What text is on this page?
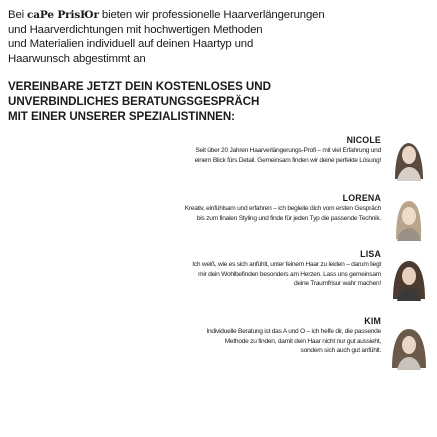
Bei caPe PrisЮr bieten wir professionelle Haarverlängerungen
und Haarverdichtungen mit hochwertigen Methoden
und Materialien individuell auf deinen Haartyp und
Haarwunsch abgestimmt an
VEREINBARE JETZT DEIN KOSTENLOSES UND
UNVERBINDLICHES BERATUNGSGESPRÄCH
MIT EINER UNSERER SPEZIALISTINNEN:
NICOLE
Seit über 20 Jahren Haarverlängerungs-Profi – mit viel Erfahrung und
einem Blick fürs Detail. Gemeinsam finden wir deine perfekte Lösung!
LORENA
Kreativ, einfühlsam und erfahren – ich begleite dich vom ersten Gespräch
bis zum finalen Styling und finde für jeden Typ die passende Technik.
LISA
Ich weiß, wie es sich anfühlt, unter feinem Haar zu leiden – darum liegt
mir dein Wohlbefinden besonders am Herzen. Lass uns gemeinsam
deine Traumfrisur wahr machen!
KIM
Individuelle Beratung ist das A und O – ich helfe dir, die passende
Methode zu finden, damit dein Haar nicht nur gut aussieht,
sondern sich auch gut anfühlt.
